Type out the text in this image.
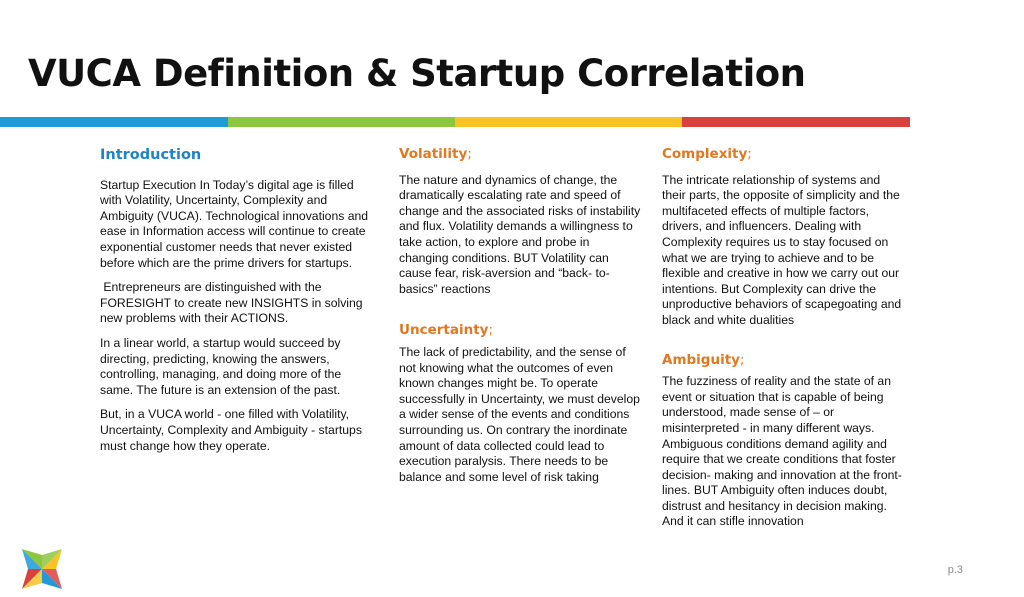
VUCA Definition & Startup Correlation
Introduction

Startup Execution In Today’s digital age is filled with Volatility, Uncertainty, Complexity and Ambiguity (VUCA). Technological innovations and ease in Information access will continue to create exponential customer needs that never existed before which are the prime drivers for startups.

Entrepreneurs are distinguished with the FORESIGHT to create new INSIGHTS in solving new problems with their ACTIONS.

In a linear world, a startup would succeed by directing, predicting, knowing the answers, controlling, managing, and doing more of the same. The future is an extension of the past.

But, in a VUCA world - one filled with Volatility, Uncertainty, Complexity and Ambiguity - startups must change how they operate.

Volatility;

The nature and dynamics of change, the dramatically escalating rate and speed of change and the associated risks of instability and flux. Volatility demands a willingness to take action, to explore and probe in changing conditions. BUT Volatility can cause fear, risk-aversion and “back- to- basics” reactions

Uncertainty;

The lack of predictability, and the sense of not knowing what the outcomes of even known changes might be. To operate successfully in Uncertainty, we must develop a wider sense of the events and conditions surrounding us. On contrary the inordinate amount of data collected could lead to execution paralysis. There needs to be balance and some level of risk taking

Complexity;

The intricate relationship of systems and their parts, the opposite of simplicity and the multifaceted effects of multiple factors, drivers, and influencers. Dealing with Complexity requires us to stay focused on what we are trying to achieve and to be flexible and creative in how we carry out our intentions. But Complexity can drive the unproductive behaviors of scapegoating and black and white dualities

Ambiguity;

The fuzziness of reality and the state of an event or situation that is capable of being understood, made sense of – or misinterpreted - in many different ways. Ambiguous conditions demand agility and require that we create conditions that foster decision- making and innovation at the front- lines. BUT Ambiguity often induces doubt, distrust and hesitancy in decision making. And it can stifle innovation

p.3
